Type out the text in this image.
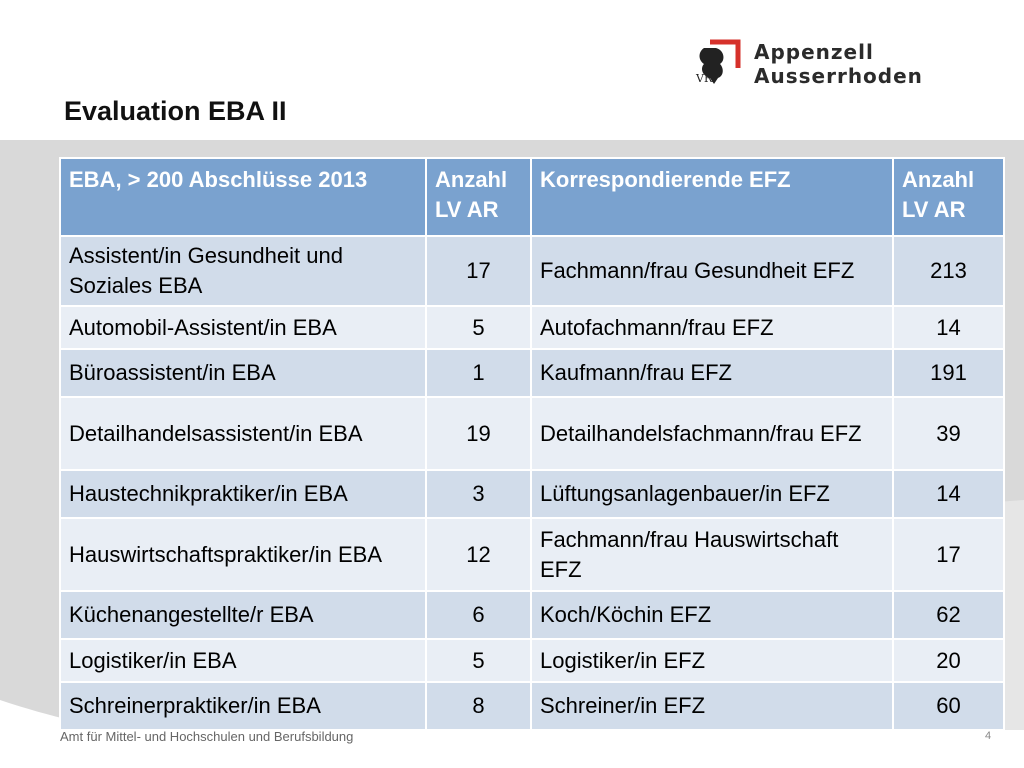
VR
Appenzell Ausserrhoden
Evaluation EBA II
EBA, > 200 Abschlüsse 2013	Anzahl LV AR	Korrespondierende EFZ	Anzahl LV AR
Assistent/in Gesundheit und Soziales EBA	17	Fachmann/frau Gesundheit EFZ	213
Automobil-Assistent/in EBA	5	Autofachmann/frau EFZ	14
Büroassistent/in EBA	1	Kaufmann/frau EFZ	191
Detailhandelsassistent/in EBA	19	Detailhandelsfachmann/frau EFZ	39
Haustechnikpraktiker/in EBA	3	Lüftungsanlagenbauer/in EFZ	14
Hauswirtschaftspraktiker/in EBA	12	Fachmann/frau Hauswirtschaft EFZ	17
Küchenangestellte/r EBA	6	Koch/Köchin EFZ	62
Logistiker/in EBA	5	Logistiker/in EFZ	20
Schreinerpraktiker/in EBA	8	Schreiner/in EFZ	60
Amt für Mittel- und Hochschulen und Berufsbildung	4
